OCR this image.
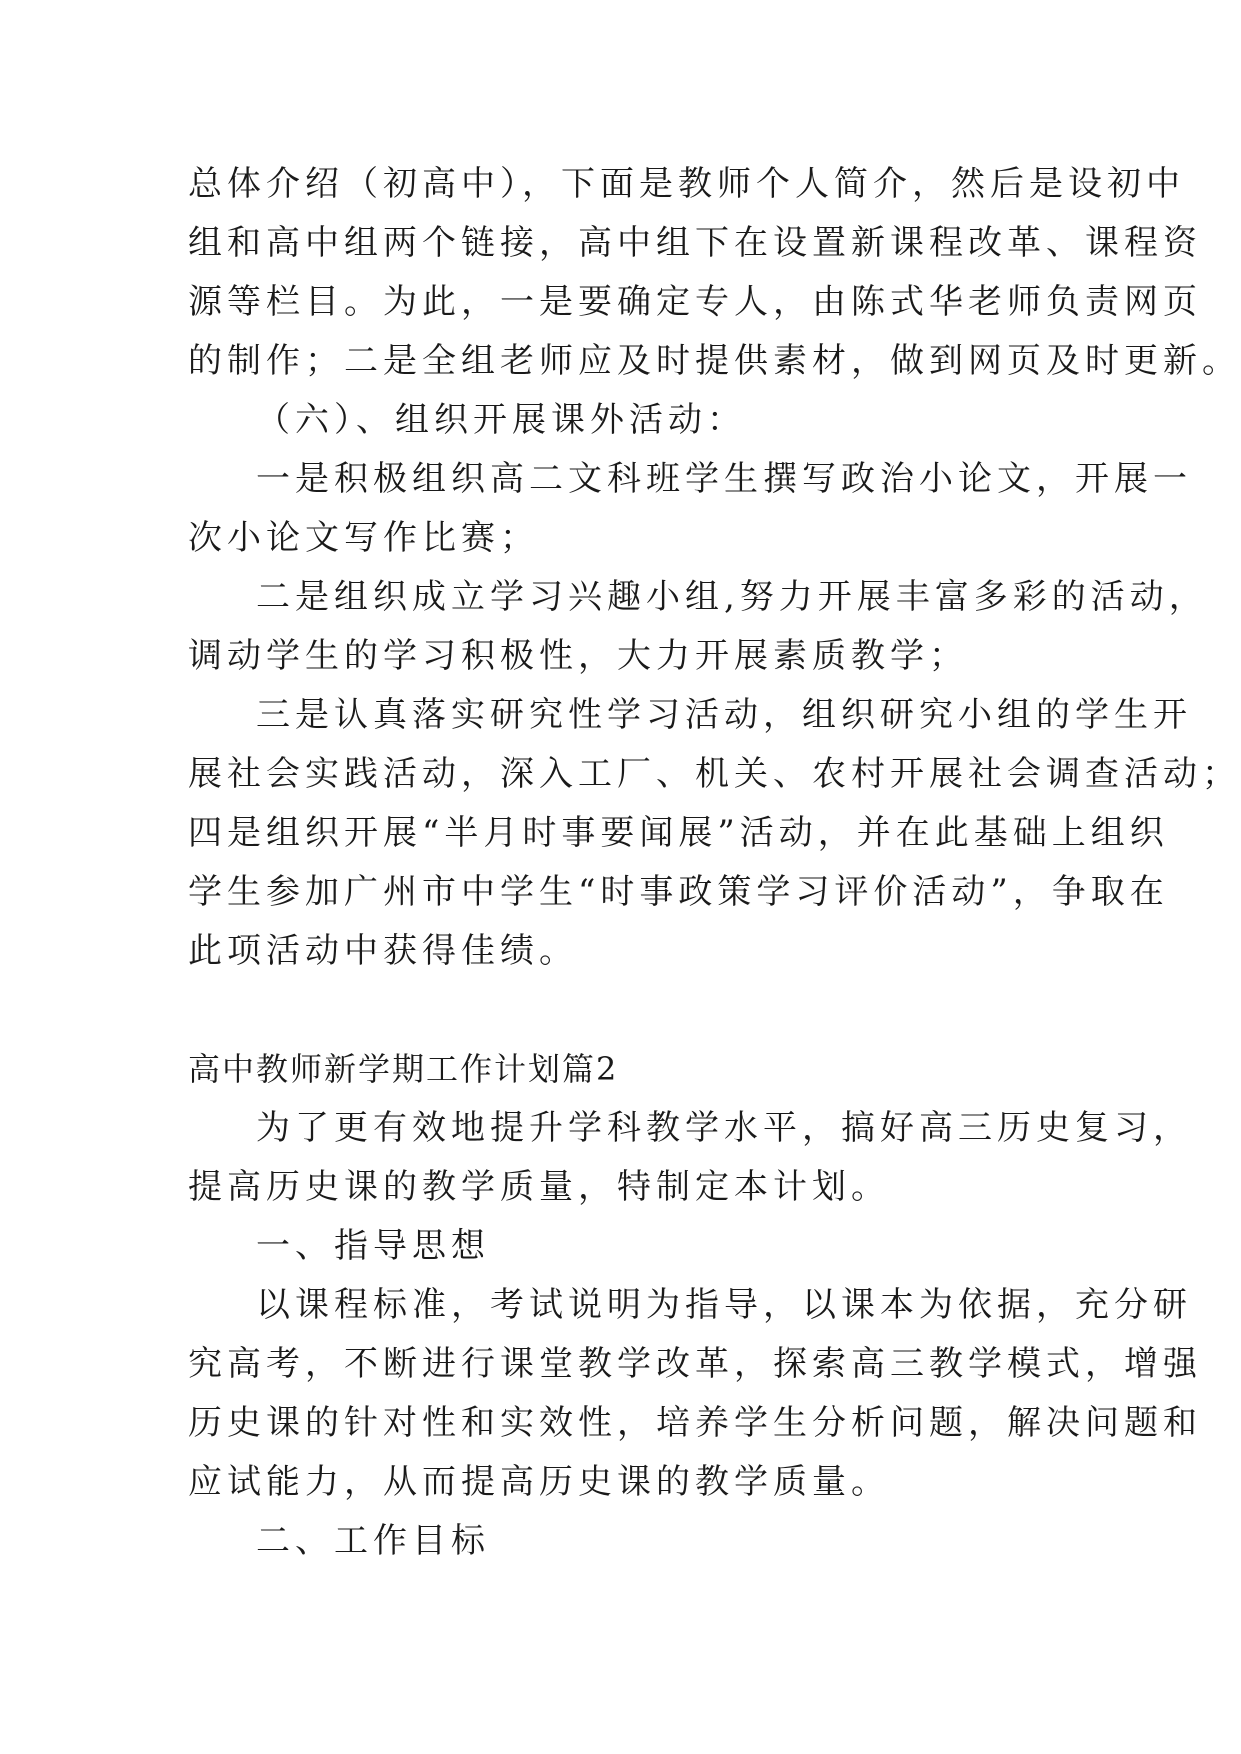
总体介绍（初高中），下面是教师个人简介，然后是设初中
组和高中组两个链接，高中组下在设置新课程改革、课程资
源等栏目。为此，一是要确定专人，由陈式华老师负责网页
的制作；二是全组老师应及时提供素材，做到网页及时更新。
（六）、组织开展课外活动：
一是积极组织高二文科班学生撰写政治小论文，开展一
次小论文写作比赛；
二是组织成立学习兴趣小组,努力开展丰富多彩的活动，
调动学生的学习积极性，大力开展素质教学；
三是认真落实研究性学习活动，组织研究小组的学生开
展社会实践活动，深入工厂、机关、农村开展社会调查活动；
四是组织开展“半月时事要闻展”活动，并在此基础上组织
学生参加广州市中学生“时事政策学习评价活动”，争取在
此项活动中获得佳绩。
高中教师新学期工作计划篇2
为了更有效地提升学科教学水平，搞好高三历史复习，
提高历史课的教学质量，特制定本计划。
一、指导思想
以课程标准，考试说明为指导，以课本为依据，充分研
究高考，不断进行课堂教学改革，探索高三教学模式，增强
历史课的针对性和实效性，培养学生分析问题，解决问题和
应试能力，从而提高历史课的教学质量。
二、工作目标
